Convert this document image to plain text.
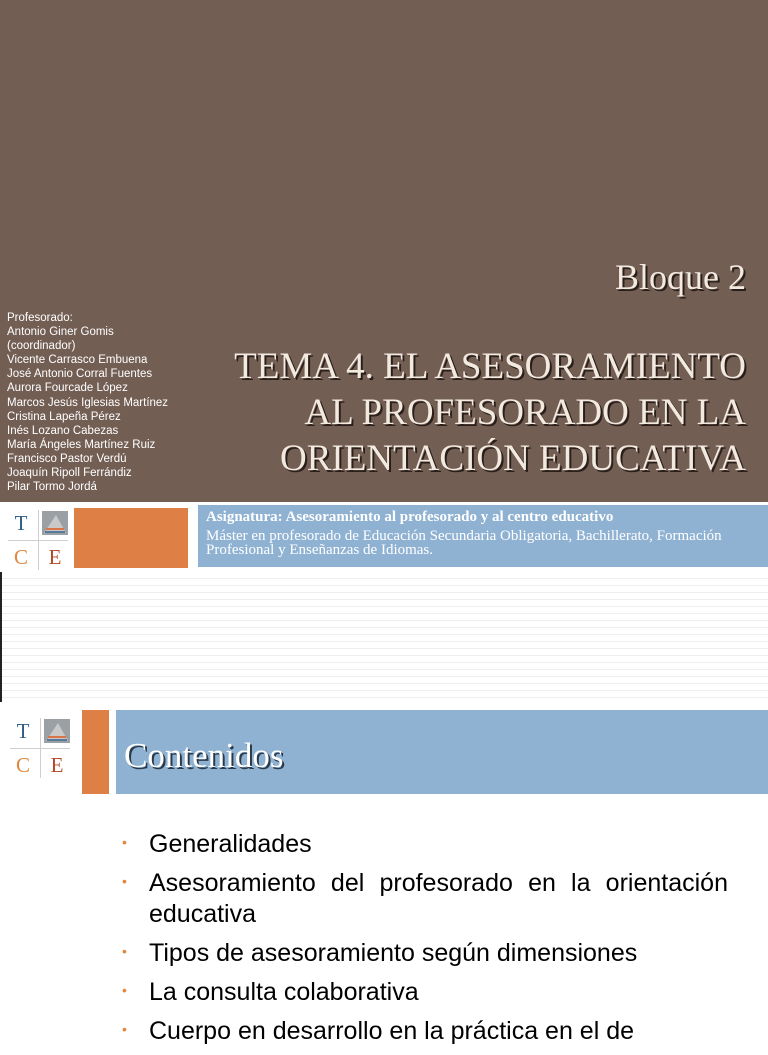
Bloque 2
TEMA 4. EL ASESORAMIENTO
AL PROFESORADO EN LA
ORIENTACIÓN EDUCATIVA
Profesorado:
Antonio Giner Gomis
(coordinador)
Vicente Carrasco Embuena
José Antonio Corral Fuentes
Aurora Fourcade López
Marcos Jesús Iglesias Martínez
Cristina Lapeña Pérez
Inés Lozano Cabezas
María Ángeles Martínez Ruiz
Francisco Pastor Verdú
Joaquín Ripoll Ferrándiz
Pilar Tormo Jordá
T
C E
Asignatura: Asesoramiento al profesorado y al centro educativo
Máster en profesorado de Educación Secundaria Obligatoria, Bachillerato, Formación Profesional y Enseñanzas de Idiomas.
T
C E	Contenidos
• Generalidades
• Asesoramiento del profesorado en la orientación educativa
• Tipos de asesoramiento según dimensiones
• La consulta colaborativa
• Cuerpo en desarrollo en la práctica en el de
